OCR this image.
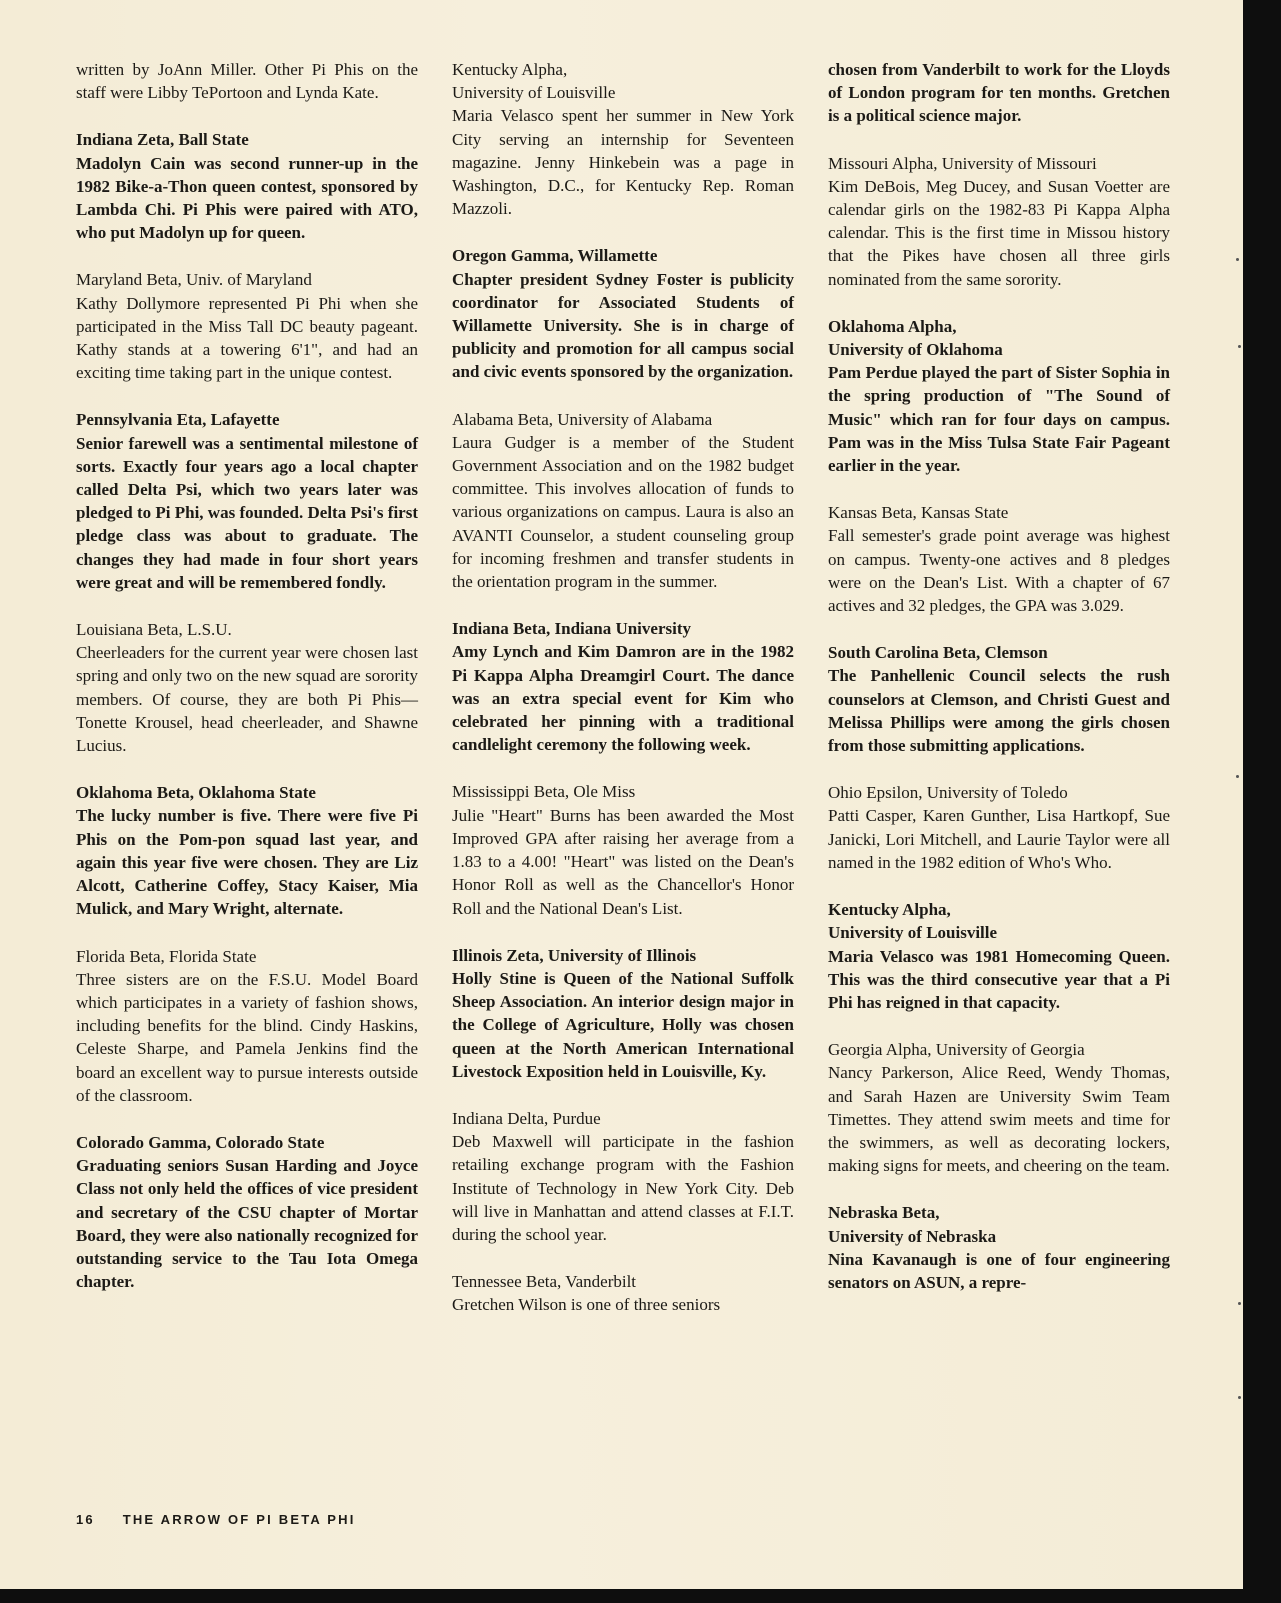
written by JoAnn Miller. Other Pi Phis on the staff were Libby TePortoon and Lynda Kate.

Indiana Zeta, Ball State

Madolyn Cain was second runner-up in the 1982 Bike-a-Thon queen contest, sponsored by Lambda Chi. Pi Phis were paired with ATO, who put Madolyn up for queen.

Maryland Beta, Univ. of Maryland

Kathy Dollymore represented Pi Phi when she participated in the Miss Tall DC beauty pageant. Kathy stands at a towering 6'1", and had an exciting time taking part in the unique contest.

Pennsylvania Eta, Lafayette

Senior farewell was a sentimental milestone of sorts. Exactly four years ago a local chapter called Delta Psi, which two years later was pledged to Pi Phi, was founded. Delta Psi's first pledge class was about to graduate. The changes they had made in four short years were great and will be remembered fondly.

Louisiana Beta, L.S.U.

Cheerleaders for the current year were chosen last spring and only two on the new squad are sorority members. Of course, they are both Pi Phis—Tonette Krousel, head cheerleader, and Shawne Lucius.

Oklahoma Beta, Oklahoma State

The lucky number is five. There were five Pi Phis on the Pom-pon squad last year, and again this year five were chosen. They are Liz Alcott, Catherine Coffey, Stacy Kaiser, Mia Mulick, and Mary Wright, alternate.

Florida Beta, Florida State

Three sisters are on the F.S.U. Model Board which participates in a variety of fashion shows, including benefits for the blind. Cindy Haskins, Celeste Sharpe, and Pamela Jenkins find the board an excellent way to pursue interests outside of the classroom.

Colorado Gamma, Colorado State

Graduating seniors Susan Harding and Joyce Class not only held the offices of vice president and secretary of the CSU chapter of Mortar Board, they were also nationally recognized for outstanding service to the Tau Iota Omega chapter.

Kentucky Alpha,
University of Louisville

Maria Velasco spent her summer in New York City serving an internship for Seventeen magazine. Jenny Hinkebein was a page in Washington, D.C., for Kentucky Rep. Roman Mazzoli.

Oregon Gamma, Willamette

Chapter president Sydney Foster is publicity coordinator for Associated Students of Willamette University. She is in charge of publicity and promotion for all campus social and civic events sponsored by the organization.

Alabama Beta, University of Alabama

Laura Gudger is a member of the Student Government Association and on the 1982 budget committee. This involves allocation of funds to various organizations on campus. Laura is also an AVANTI Counselor, a student counseling group for incoming freshmen and transfer students in the orientation program in the summer.

Indiana Beta, Indiana University

Amy Lynch and Kim Damron are in the 1982 Pi Kappa Alpha Dreamgirl Court. The dance was an extra special event for Kim who celebrated her pinning with a traditional candlelight ceremony the following week.

Mississippi Beta, Ole Miss

Julie "Heart" Burns has been awarded the Most Improved GPA after raising her average from a 1.83 to a 4.00! "Heart" was listed on the Dean's Honor Roll as well as the Chancellor's Honor Roll and the National Dean's List.

Illinois Zeta, University of Illinois

Holly Stine is Queen of the National Suffolk Sheep Association. An interior design major in the College of Agriculture, Holly was chosen queen at the North American International Livestock Exposition held in Louisville, Ky.

Indiana Delta, Purdue

Deb Maxwell will participate in the fashion retailing exchange program with the Fashion Institute of Technology in New York City. Deb will live in Manhattan and attend classes at F.I.T. during the school year.

Tennessee Beta, Vanderbilt

Gretchen Wilson is one of three seniors

chosen from Vanderbilt to work for the Lloyds of London program for ten months. Gretchen is a political science major.

Missouri Alpha, University of Missouri

Kim DeBois, Meg Ducey, and Susan Voetter are calendar girls on the 1982-83 Pi Kappa Alpha calendar. This is the first time in Missou history that the Pikes have chosen all three girls nominated from the same sorority.

Oklahoma Alpha,
University of Oklahoma

Pam Perdue played the part of Sister Sophia in the spring production of "The Sound of Music" which ran for four days on campus. Pam was in the Miss Tulsa State Fair Pageant earlier in the year.

Kansas Beta, Kansas State

Fall semester's grade point average was highest on campus. Twenty-one actives and 8 pledges were on the Dean's List. With a chapter of 67 actives and 32 pledges, the GPA was 3.029.

South Carolina Beta, Clemson

The Panhellenic Council selects the rush counselors at Clemson, and Christi Guest and Melissa Phillips were among the girls chosen from those submitting applications.

Ohio Epsilon, University of Toledo

Patti Casper, Karen Gunther, Lisa Hartkopf, Sue Janicki, Lori Mitchell, and Laurie Taylor were all named in the 1982 edition of Who's Who.

Kentucky Alpha,
University of Louisville

Maria Velasco was 1981 Homecoming Queen. This was the third consecutive year that a Pi Phi has reigned in that capacity.

Georgia Alpha, University of Georgia

Nancy Parkerson, Alice Reed, Wendy Thomas, and Sarah Hazen are University Swim Team Timettes. They attend swim meets and time for the swimmers, as well as decorating lockers, making signs for meets, and cheering on the team.

Nebraska Beta,
University of Nebraska

Nina Kavanaugh is one of four engineering senators on ASUN, a repre-

16 THE ARROW OF PI BETA PHI
